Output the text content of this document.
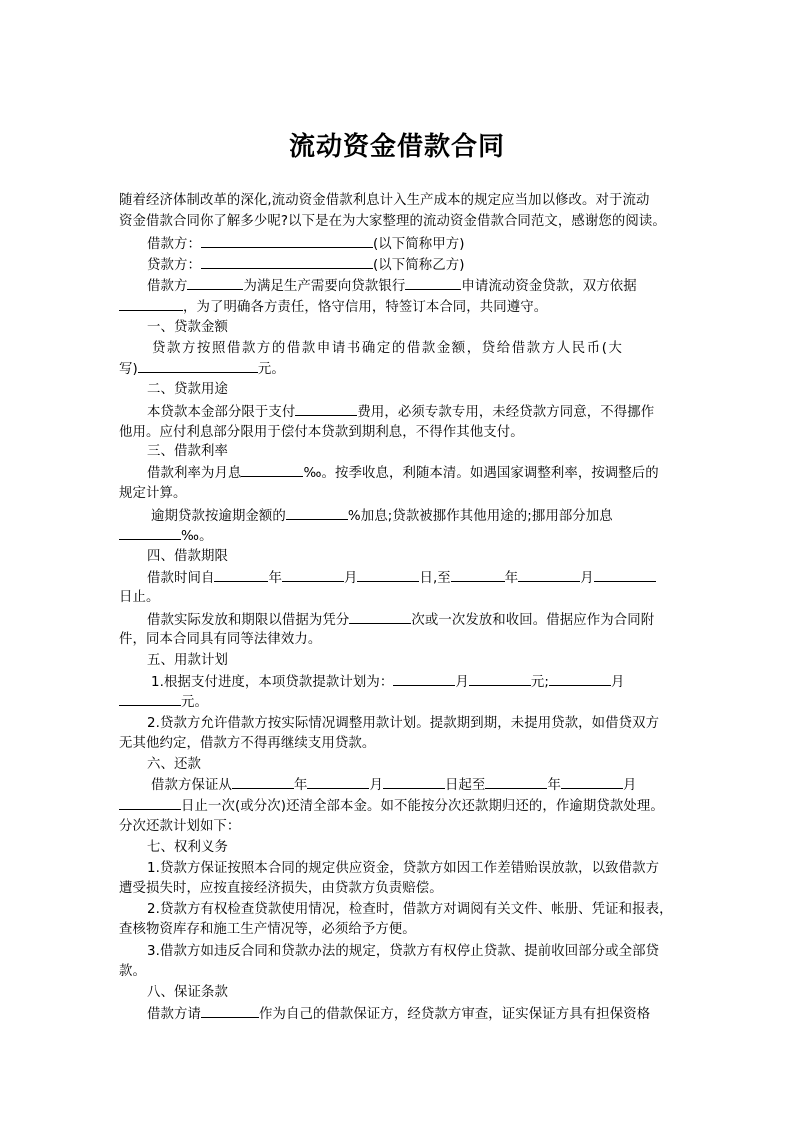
流动资金借款合同
随着经济体制改革的深化,流动资金借款利息计入生产成本的规定应当加以修改。对于流动
资金借款合同你了解多少呢?以下是在为大家整理的流动资金借款合同范文，感谢您的阅读。
借款方：	(以下简称甲方)
贷款方：	(以下简称乙方)
借款方	为满足生产需要向贷款银行	申请流动资金贷款，双方依据
，为了明确各方责任，恪守信用，特签订本合同，共同遵守。
一、贷款金额
贷款方按照借款方的借款申请书确定的借款金额，贷给借款方人民币(大
写)	元。
二、贷款用途
本贷款本金部分限于支付	费用，必须专款专用，未经贷款方同意，不得挪作
他用。应付利息部分限用于偿付本贷款到期利息，不得作其他支付。
三、借款利率
借款利率为月息	‰。按季收息，利随本清。如遇国家调整利率，按调整后的
规定计算。
逾期贷款按逾期金额的	%加息;贷款被挪作其他用途的;挪用部分加息
‰。
四、借款期限
借款时间自	年	月	日,至	年	月
日止。
借款实际发放和期限以借据为凭分	次或一次发放和收回。借据应作为合同附
件，同本合同具有同等法律效力。
五、用款计划
1.根据支付进度，本项贷款提款计划为：	月	元;	月
元。
2.贷款方允许借款方按实际情况调整用款计划。提款期到期，未提用贷款，如借贷双方
无其他约定，借款方不得再继续支用贷款。
六、还款
借款方保证从	年	月	日起至	年	月
日止一次(或分次)还清全部本金。如不能按分次还款期归还的，作逾期贷款处理。
分次还款计划如下：
七、权利义务
1.贷款方保证按照本合同的规定供应资金，贷款方如因工作差错贻误放款，以致借款方
遭受损失时，应按直接经济损失，由贷款方负责赔偿。
2.贷款方有权检查贷款使用情况，检查时，借款方对调阅有关文件、帐册、凭证和报表，
查核物资库存和施工生产情况等，必须给予方便。
3.借款方如违反合同和贷款办法的规定，贷款方有权停止贷款、提前收回部分或全部贷
款。
八、保证条款
借款方请	作为自己的借款保证方，经贷款方审查，证实保证方具有担保资格
